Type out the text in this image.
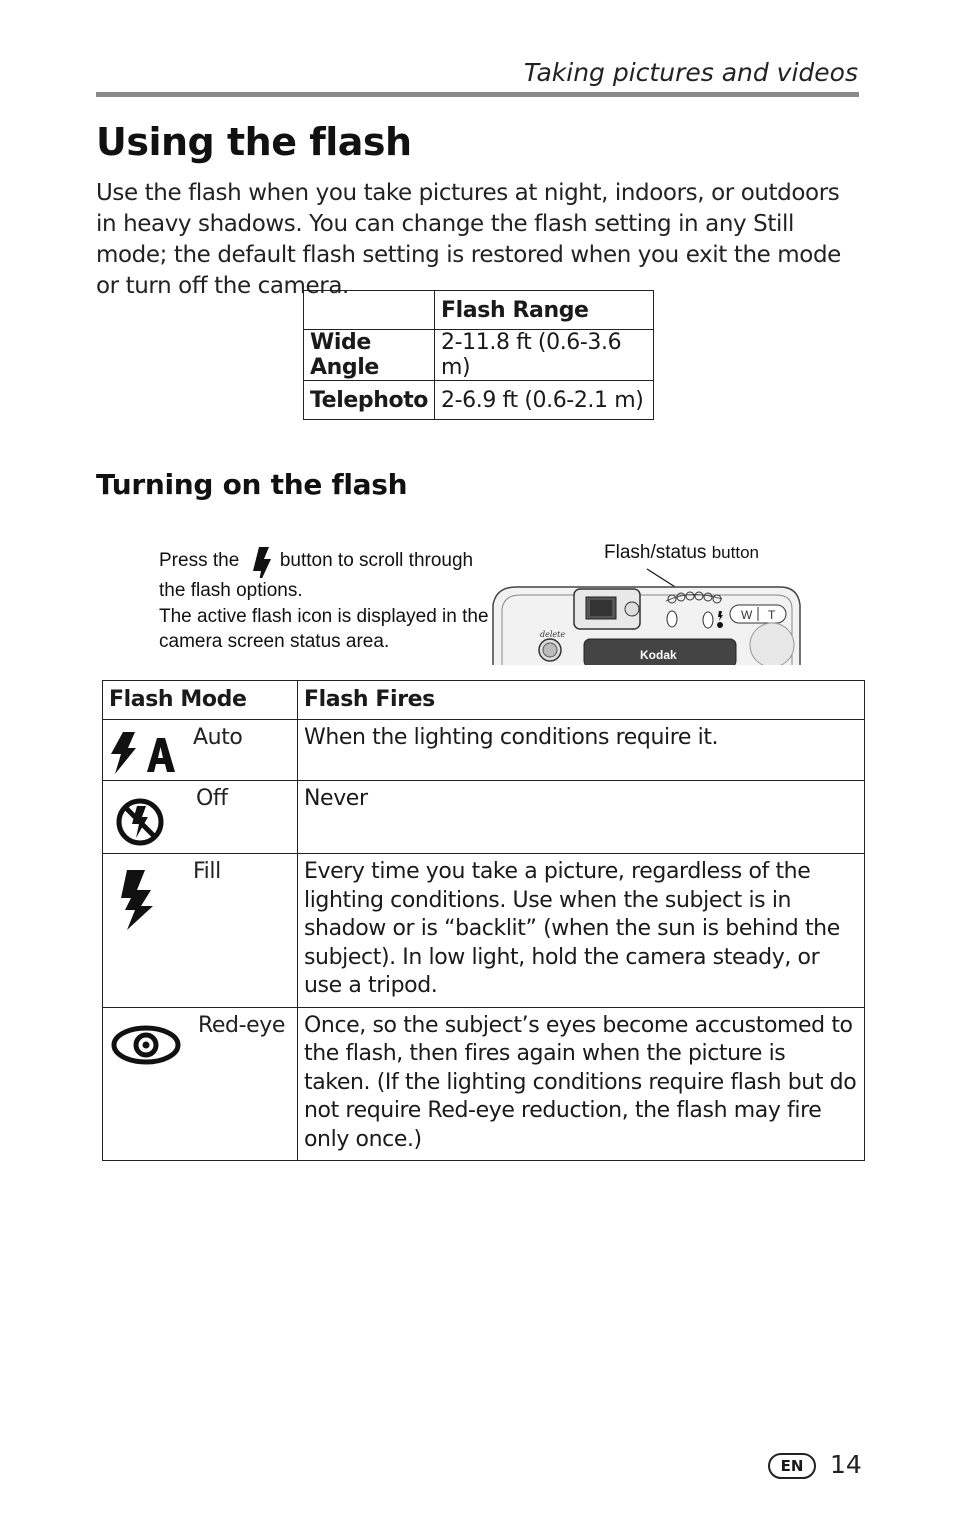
Taking pictures and videos
Using the flash
Use the flash when you take pictures at night, indoors, or outdoors in heavy shadows. You can change the flash setting in any Still mode; the default flash setting is restored when you exit the mode or turn off the camera.
	Flash Range
Wide Angle	2-11.8 ft (0.6-3.6 m)
Telephoto	2-6.9 ft (0.6-2.1 m)
Turning on the flash
Press the button to scroll through the flash options.
The active flash icon is displayed in the camera screen status area.
Flash/status button
W T
delete
Kodak
Flash Mode	Flash Fires

Auto	When the lighting conditions require it.

Off	Never

Fill	Every time you take a picture, regardless of the lighting conditions. Use when the subject is in shadow or is “backlit” (when the sun is behind the subject). In low light, hold the camera steady, or use a tripod.

Red-eye	Once, so the subject’s eyes become accustomed to the flash, then fires again when the picture is taken. (If the lighting conditions require flash but do not require Red-eye reduction, the flash may fire only once.)
EN	14
